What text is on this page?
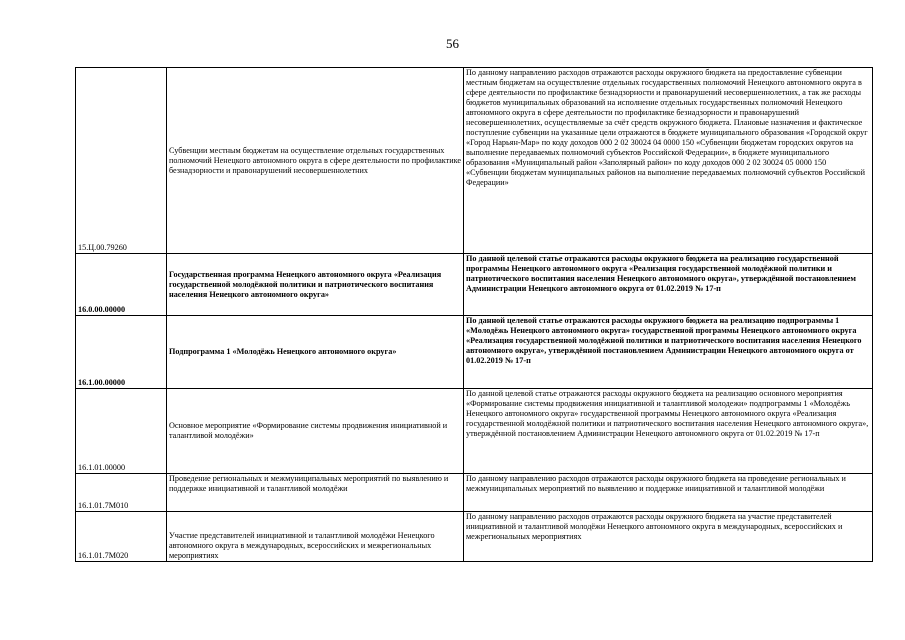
56
15.Ц.00.79260	Субвенции местным бюджетам на осуществление отдельных государственных полномочий Ненецкого автономного округа в сфере деятельности по профилактике безнадзорности и правонарушений несовершеннолетних	По данному направлению расходов отражаются расходы окружного бюджета на предоставление субвенции местным бюджетам на осуществление отдельных государственных полномочий Ненецкого автономного округа в сфере деятельности по профилактике безнадзорности и правонарушений несовершеннолетних, а так же расходы бюджетов муниципальных образований на исполнение отдельных государственных полномочий Ненецкого автономного округа в сфере деятельности по профилактике безнадзорности и правонарушений несовершеннолетних, осуществляемые за счёт средств окружного бюджета. Плановые назначения и фактическое поступление субвенции на указанные цели отражаются в бюджете муниципального образования «Городской округ «Город Нарьян-Мар» по коду доходов 000 2 02 30024 04 0000 150 «Субвенции бюджетам городских округов на выполнение передаваемых полномочий субъектов Российской Федерации», в бюджете муниципального образования «Муниципальный район «Заполярный район» по коду доходов 000 2 02 30024 05 0000 150 «Субвенции бюджетам муниципальных районов на выполнение передаваемых полномочий субъектов Российской Федерации»
16.0.00.00000	Государственная программа Ненецкого автономного округа «Реализация государственной молодёжной политики и патриотического воспитания населения Ненецкого автономного округа»	По данной целевой статье отражаются расходы окружного бюджета на реализацию государственной программы Ненецкого автономного округа «Реализация государственной молодёжной политики и патриотического воспитания населения Ненецкого автономного округа», утверждённой постановлением Администрации Ненецкого автономного округа от 01.02.2019 № 17-п
16.1.00.00000	Подпрограмма 1 «Молодёжь Ненецкого автономного округа»	По данной целевой статье отражаются расходы окружного бюджета на реализацию подпрограммы 1 «Молодёжь Ненецкого автономного округа» государственной программы Ненецкого автономного округа «Реализация государственной молодёжной политики и патриотического воспитания населения Ненецкого автономного округа», утверждённой постановлением Администрации Ненецкого автономного округа от 01.02.2019 № 17-п
16.1.01.00000	Основное мероприятие «Формирование системы продвижения инициативной и талантливой молодёжи»	По данной целевой статье отражаются расходы окружного бюджета на реализацию основного мероприятия «Формирование системы продвижения инициативной и талантливой молодежи» подпрограммы 1 «Молодёжь Ненецкого автономного округа» государственной программы Ненецкого автономного округа «Реализация государственной молодёжной политики и патриотического воспитания населения Ненецкого автономного округа», утверждённой постановлением Администрации Ненецкого автономного округа от 01.02.2019 № 17-п
16.1.01.7М010	Проведение региональных и межмуниципальных мероприятий по выявлению и поддержке инициативной и талантливой молодёжи	По данному направлению расходов отражаются расходы окружного бюджета на проведение региональных и межмуниципальных мероприятий по выявлению и поддержке инициативной и талантливой молодёжи
16.1.01.7М020	Участие представителей инициативной и талантливой молодёжи Ненецкого автономного округа в международных, всероссийских и межрегиональных мероприятиях	По данному направлению расходов отражаются расходы окружного бюджета на участие представителей инициативной и талантливой молодёжи Ненецкого автономного округа в международных, всероссийских и межрегиональных мероприятиях
